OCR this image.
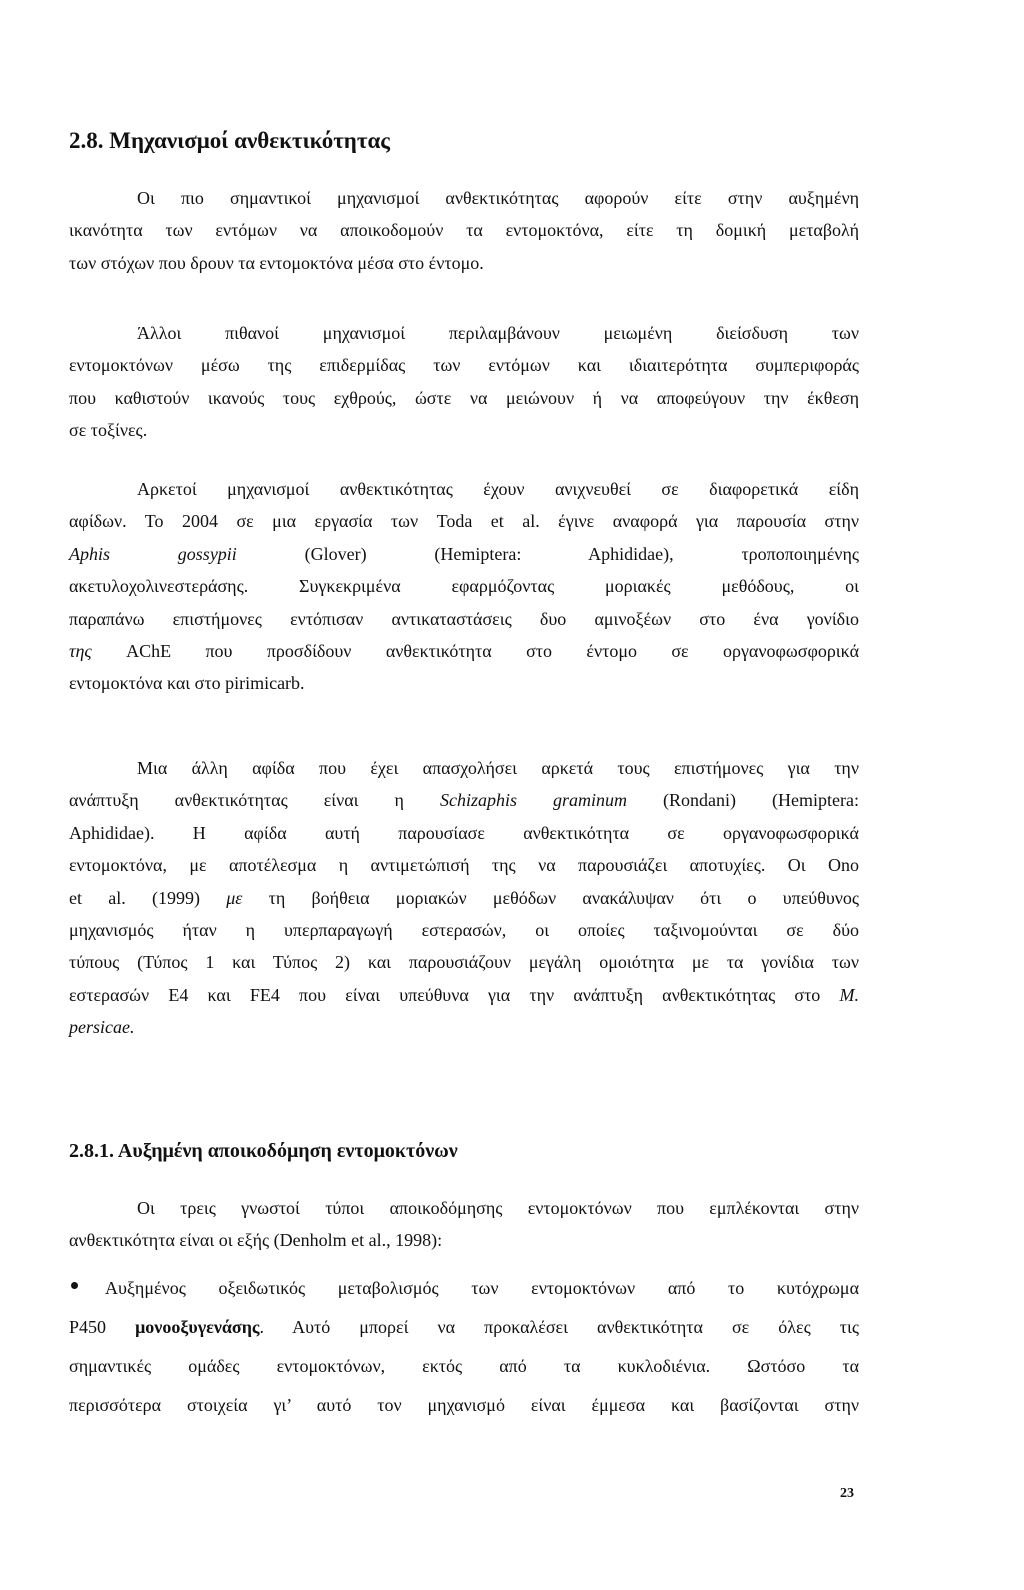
2.8. Μηχανισμοί ανθεκτικότητας
Οι πιο σημαντικοί μηχανισμοί ανθεκτικότητας αφορούν είτε στην αυξημένη
ικανότητα των εντόμων να αποικοδομούν τα εντομοκτόνα, είτε τη δομική μεταβολή
των στόχων που δρουν τα εντομοκτόνα μέσα στο έντομο.
Άλλοι πιθανοί μηχανισμοί περιλαμβάνουν μειωμένη διείσδυση των
εντομοκτόνων μέσω της επιδερμίδας των εντόμων και ιδιαιτερότητα συμπεριφοράς
που καθιστούν ικανούς τους εχθρούς, ώστε να μειώνουν ή να αποφεύγουν την έκθεση
σε τοξίνες.
Αρκετοί μηχανισμοί ανθεκτικότητας έχουν ανιχνευθεί σε διαφορετικά είδη
αφίδων. Το 2004 σε μια εργασία των Toda et al. έγινε αναφορά για παρουσία στην
Aphis gossypii (Glover) (Hemiptera: Aphididae), τροποποιημένης
ακετυλοχολινεστεράσης. Συγκεκριμένα εφαρμόζοντας μοριακές μεθόδους, οι
παραπάνω επιστήμονες εντόπισαν αντικαταστάσεις δυο αμινοξέων στο ένα γονίδιο
της AChE που προσδίδουν ανθεκτικότητα στο έντομο σε οργανοφωσφορικά
εντομοκτόνα και στο pirimicarb.
Μια άλλη αφίδα που έχει απασχολήσει αρκετά τους επιστήμονες για την
ανάπτυξη ανθεκτικότητας είναι η Schizaphis graminum (Rondani) (Hemiptera:
Aphididae). Η αφίδα αυτή παρουσίασε ανθεκτικότητα σε οργανοφωσφορικά
εντομοκτόνα, με αποτέλεσμα η αντιμετώπισή της να παρουσιάζει αποτυχίες. Οι Ono
et al. (1999) με τη βοήθεια μοριακών μεθόδων ανακάλυψαν ότι ο υπεύθυνος
μηχανισμός ήταν η υπερπαραγωγή εστερασών, οι οποίες ταξινομούνται σε δύο
τύπους (Τύπος 1 και Τύπος 2) και παρουσιάζουν μεγάλη ομοιότητα με τα γονίδια των
εστερασών Ε4 και FE4 που είναι υπεύθυνα για την ανάπτυξη ανθεκτικότητας στο M.
persicae.
2.8.1. Αυξημένη αποικοδόμηση εντομοκτόνων
Οι τρεις γνωστοί τύποι αποικοδόμησης εντομοκτόνων που εμπλέκονται στην
ανθεκτικότητα είναι οι εξής (Denholm et al., 1998):
Αυξημένος οξειδωτικός μεταβολισμός των εντομοκτόνων από το κυτόχρωμα
P450 μονοοξυγενάσης. Αυτό μπορεί να προκαλέσει ανθεκτικότητα σε όλες τις
σημαντικές ομάδες εντομοκτόνων, εκτός από τα κυκλοδιένια. Ωστόσο τα
περισσότερα στοιχεία γι’ αυτό τον μηχανισμό είναι έμμεσα και βασίζονται στην
23
